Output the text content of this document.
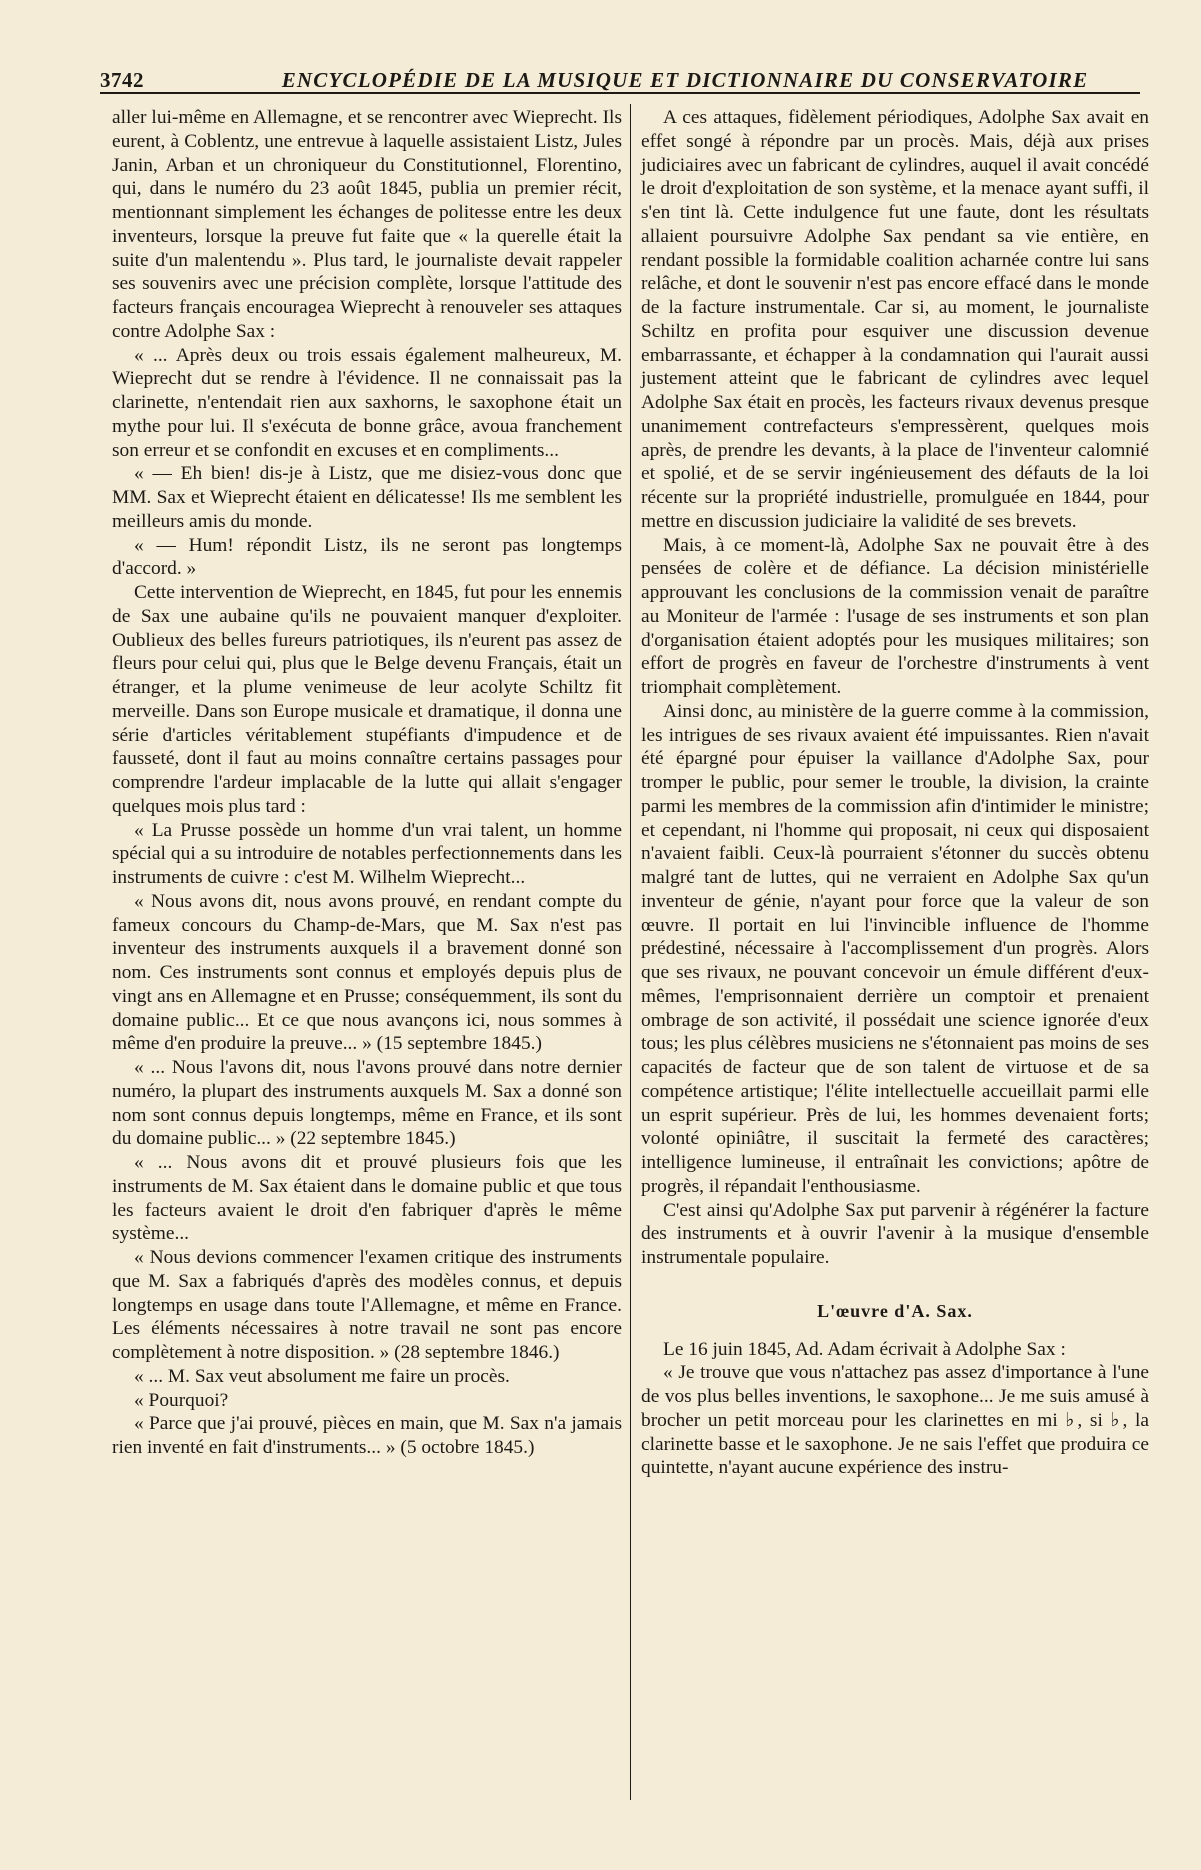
3742	ENCYCLOPÉDIE DE LA MUSIQUE ET DICTIONNAIRE DU CONSERVATOIRE

aller lui-même en Allemagne, et se rencontrer avec Wieprecht. Ils eurent, à Coblentz, une entrevue à laquelle assistaient Listz, Jules Janin, Arban et un chroniqueur du Constitutionnel, Florentino, qui, dans le numéro du 23 août 1845, publia un premier récit, mentionnant simplement les échanges de politesse entre les deux inventeurs, lorsque la preuve fut faite que « la querelle était la suite d'un malentendu ». Plus tard, le journaliste devait rappeler ses souvenirs avec une précision complète, lorsque l'attitude des facteurs français encouragea Wieprecht à renouveler ses attaques contre Adolphe Sax :

« ... Après deux ou trois essais également malheureux, M. Wieprecht dut se rendre à l'évidence. Il ne connaissait pas la clarinette, n'entendait rien aux saxhorns, le saxophone était un mythe pour lui. Il s'exécuta de bonne grâce, avoua franchement son erreur et se confondit en excuses et en compliments...

« — Eh bien! dis-je à Listz, que me disiez-vous donc que MM. Sax et Wieprecht étaient en délicatesse! Ils me semblent les meilleurs amis du monde.

« — Hum! répondit Listz, ils ne seront pas longtemps d'accord. »

Cette intervention de Wieprecht, en 1845, fut pour les ennemis de Sax une aubaine qu'ils ne pouvaient manquer d'exploiter. Oublieux des belles fureurs patriotiques, ils n'eurent pas assez de fleurs pour celui qui, plus que le Belge devenu Français, était un étranger, et la plume venimeuse de leur acolyte Schiltz fit merveille. Dans son Europe musicale et dramatique, il donna une série d'articles véritablement stupéfiants d'impudence et de fausseté, dont il faut au moins connaître certains passages pour comprendre l'ardeur implacable de la lutte qui allait s'engager quelques mois plus tard :

« La Prusse possède un homme d'un vrai talent, un homme spécial qui a su introduire de notables perfectionnements dans les instruments de cuivre : c'est M. Wilhelm Wieprecht...

« Nous avons dit, nous avons prouvé, en rendant compte du fameux concours du Champ-de-Mars, que M. Sax n'est pas inventeur des instruments auxquels il a bravement donné son nom. Ces instruments sont connus et employés depuis plus de vingt ans en Allemagne et en Prusse; conséquemment, ils sont du domaine public... Et ce que nous avançons ici, nous sommes à même d'en produire la preuve... » (15 septembre 1845.)

« ... Nous l'avons dit, nous l'avons prouvé dans notre dernier numéro, la plupart des instruments auxquels M. Sax a donné son nom sont connus depuis longtemps, même en France, et ils sont du domaine public... » (22 septembre 1845.)

« ... Nous avons dit et prouvé plusieurs fois que les instruments de M. Sax étaient dans le domaine public et que tous les facteurs avaient le droit d'en fabriquer d'après le même système...

« Nous devions commencer l'examen critique des instruments que M. Sax a fabriqués d'après des modèles connus, et depuis longtemps en usage dans toute l'Allemagne, et même en France. Les éléments nécessaires à notre travail ne sont pas encore complètement à notre disposition. » (28 septembre 1846.)

« ... M. Sax veut absolument me faire un procès.

« Pourquoi?

« Parce que j'ai prouvé, pièces en main, que M. Sax n'a jamais rien inventé en fait d'instruments... » (5 octobre 1845.)

A ces attaques, fidèlement périodiques, Adolphe Sax avait en effet songé à répondre par un procès. Mais, déjà aux prises judiciaires avec un fabricant de cylindres, auquel il avait concédé le droit d'exploitation de son système, et la menace ayant suffi, il s'en tint là. Cette indulgence fut une faute, dont les résultats allaient poursuivre Adolphe Sax pendant sa vie entière, en rendant possible la formidable coalition acharnée contre lui sans relâche, et dont le souvenir n'est pas encore effacé dans le monde de la facture instrumentale. Car si, au moment, le journaliste Schiltz en profita pour esquiver une discussion devenue embarrassante, et échapper à la condamnation qui l'aurait aussi justement atteint que le fabricant de cylindres avec lequel Adolphe Sax était en procès, les facteurs rivaux devenus presque unanimement contrefacteurs s'empressèrent, quelques mois après, de prendre les devants, à la place de l'inventeur calomnié et spolié, et de se servir ingénieusement des défauts de la loi récente sur la propriété industrielle, promulguée en 1844, pour mettre en discussion judiciaire la validité de ses brevets.

Mais, à ce moment-là, Adolphe Sax ne pouvait être à des pensées de colère et de défiance. La décision ministérielle approuvant les conclusions de la commission venait de paraître au Moniteur de l'armée : l'usage de ses instruments et son plan d'organisation étaient adoptés pour les musiques militaires; son effort de progrès en faveur de l'orchestre d'instruments à vent triomphait complètement.

Ainsi donc, au ministère de la guerre comme à la commission, les intrigues de ses rivaux avaient été impuissantes. Rien n'avait été épargné pour épuiser la vaillance d'Adolphe Sax, pour tromper le public, pour semer le trouble, la division, la crainte parmi les membres de la commission afin d'intimider le ministre; et cependant, ni l'homme qui proposait, ni ceux qui disposaient n'avaient faibli. Ceux-là pourraient s'étonner du succès obtenu malgré tant de luttes, qui ne verraient en Adolphe Sax qu'un inventeur de génie, n'ayant pour force que la valeur de son œuvre. Il portait en lui l'invincible influence de l'homme prédestiné, nécessaire à l'accomplissement d'un progrès. Alors que ses rivaux, ne pouvant concevoir un émule différent d'eux-mêmes, l'emprisonnaient derrière un comptoir et prenaient ombrage de son activité, il possédait une science ignorée d'eux tous; les plus célèbres musiciens ne s'étonnaient pas moins de ses capacités de facteur que de son talent de virtuose et de sa compétence artistique; l'élite intellectuelle accueillait parmi elle un esprit supérieur. Près de lui, les hommes devenaient forts; volonté opiniâtre, il suscitait la fermeté des caractères; intelligence lumineuse, il entraînait les convictions; apôtre de progrès, il répandait l'enthousiasme.

C'est ainsi qu'Adolphe Sax put parvenir à régénérer la facture des instruments et à ouvrir l'avenir à la musique d'ensemble instrumentale populaire.

L'œuvre d'A. Sax.

Le 16 juin 1845, Ad. Adam écrivait à Adolphe Sax :

« Je trouve que vous n'attachez pas assez d'importance à l'une de vos plus belles inventions, le saxophone... Je me suis amusé à brocher un petit morceau pour les clarinettes en mi ♭, si ♭, la clarinette basse et le saxophone. Je ne sais l'effet que produira ce quintette, n'ayant aucune expérience des instru-
